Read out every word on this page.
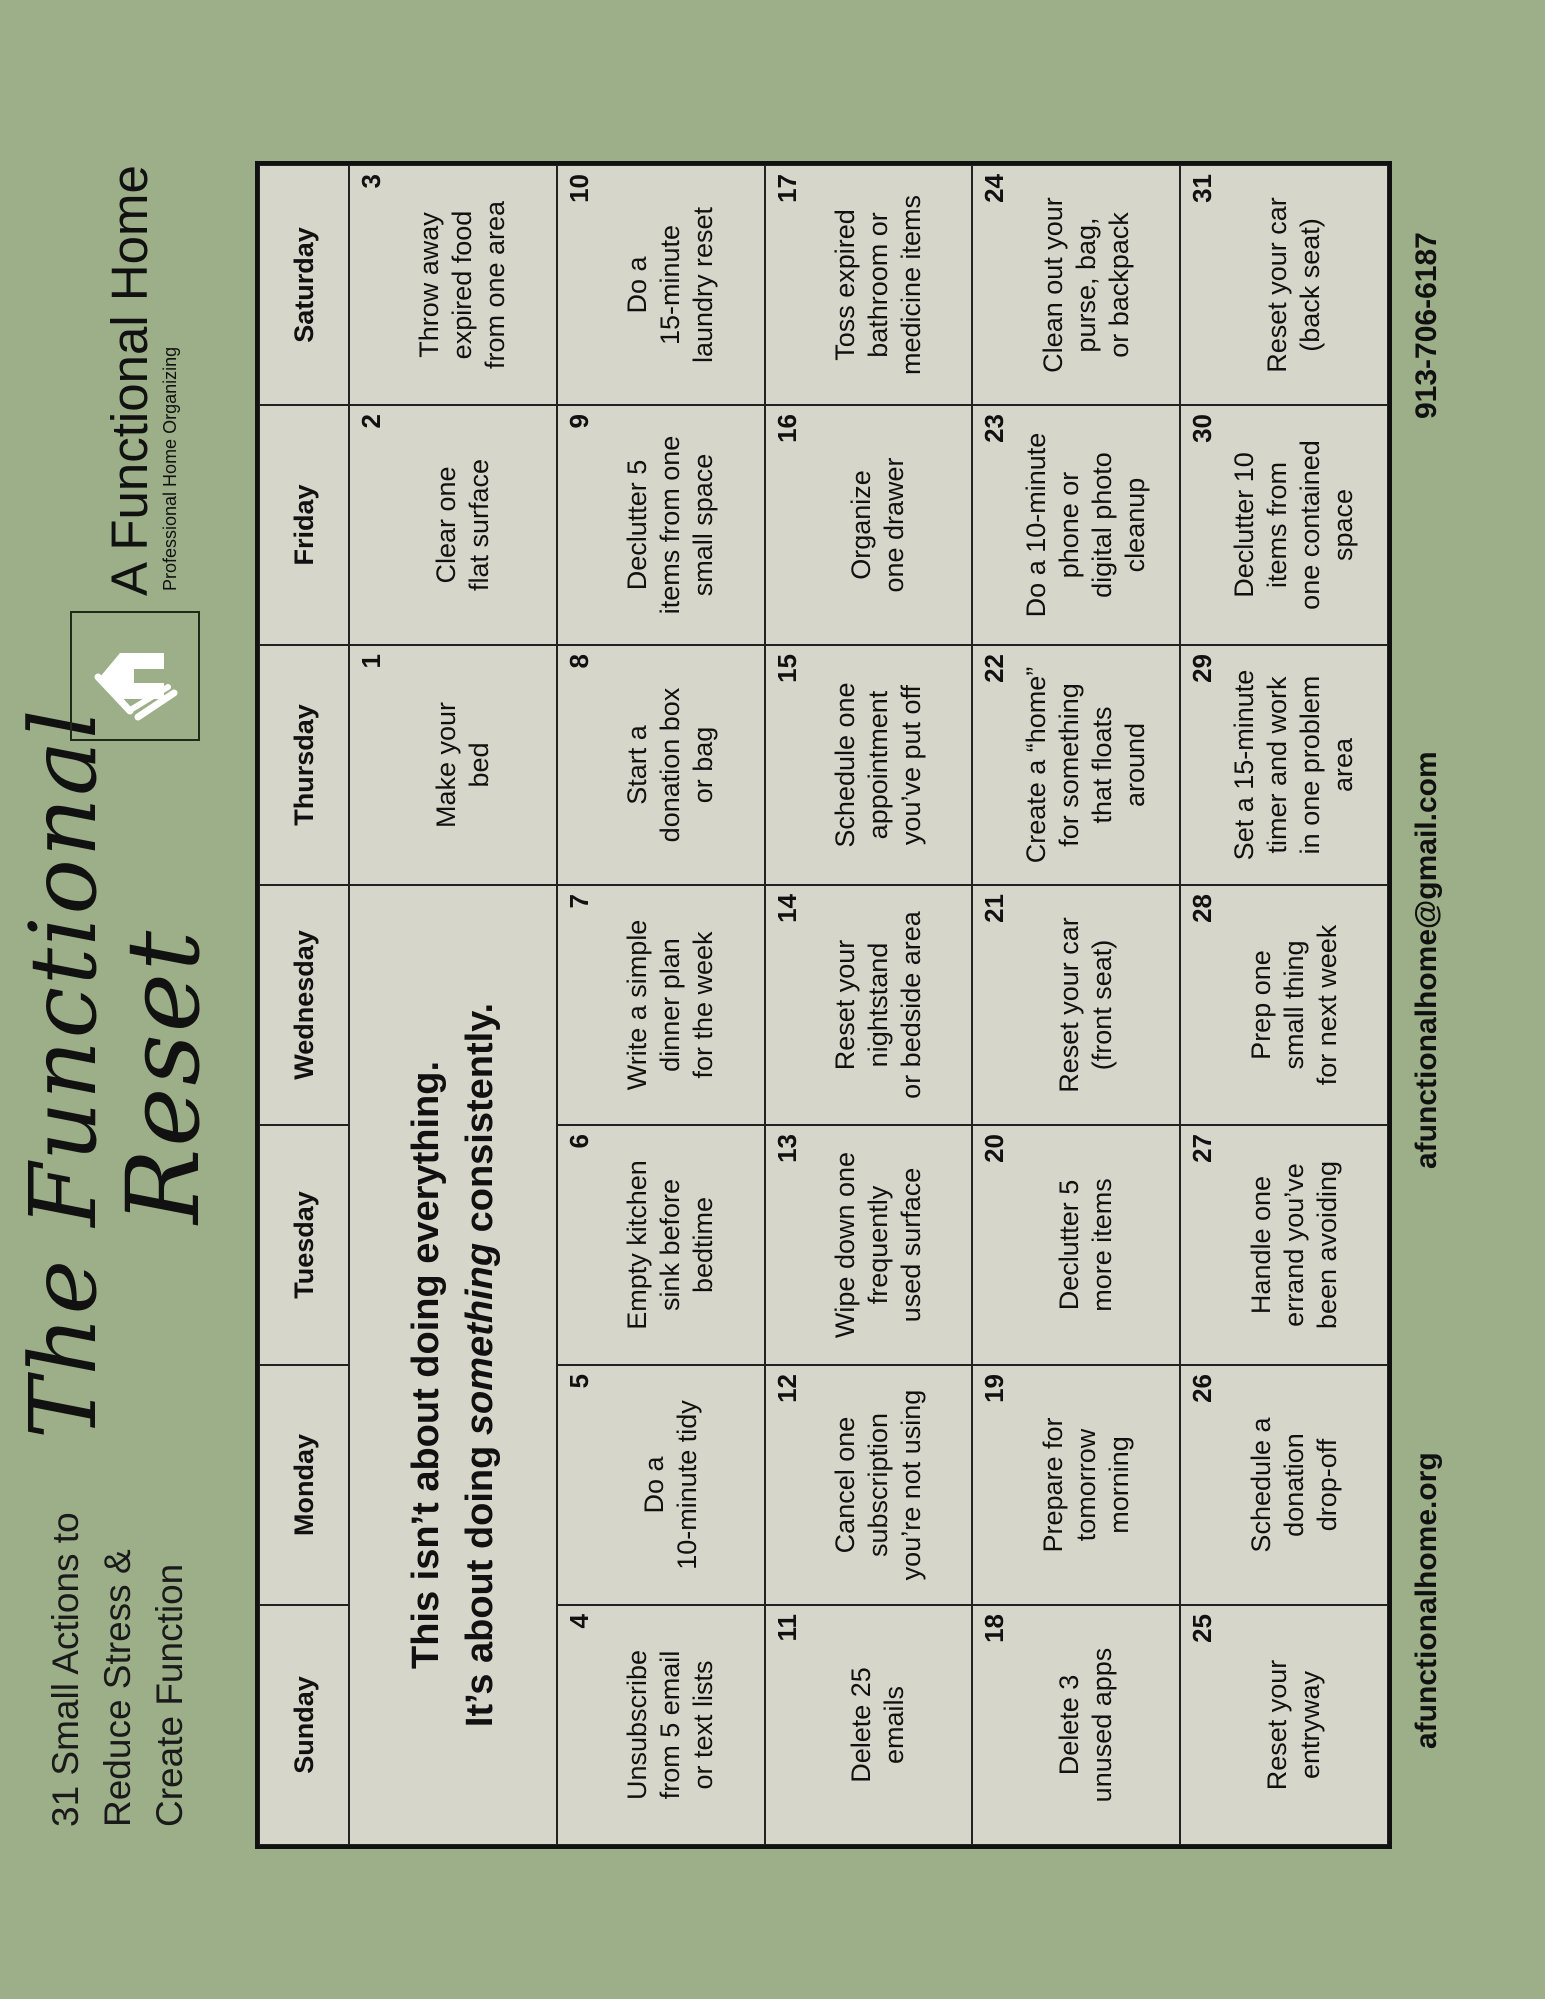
31 Small Actions to Reduce Stress & Create Function
The Functional
Reset
A Functional Home Professional Home Organizing
Sunday
Monday
Tuesday
Wednesday
Thursday
Friday
Saturday
This isn’t about doing everything. It’s about doing something consistently.
1
Make your
bed
2
Clear one
flat surface
3
Throw away
expired food
from one area
4
Unsubscribe
from 5 email
or text lists
5
Do a
10-minute tidy
6
Empty kitchen
sink before
bedtime
7
Write a simple
dinner plan
for the week
8
Start a
donation box
or bag
9
Declutter 5
items from one
small space
10
Do a
15-minute
laundry reset
11
Delete 25
emails
12
Cancel one
subscription
you’re not using
13
Wipe down one
frequently
used surface
14
Reset your
nightstand
or bedside area
15
Schedule one
appointment
you’ve put off
16
Organize
one drawer
17
Toss expired
bathroom or
medicine items
18
Delete 3
unused apps
19
Prepare for
tomorrow
morning
20
Declutter 5
more items
21
Reset your car
(front seat)
22
Create a “home”
for something
that floats
around
23
Do a 10-minute
phone or
digital photo
cleanup
24
Clean out your
purse, bag,
or backpack
25
Reset your
entryway
26
Schedule a
donation
drop-off
27
Handle one
errand you’ve
been avoiding
28
Prep one
small thing
for next week
29
Set a 15-minute
timer and work
in one problem
area
30
Declutter 10
items from
one contained
space
31
Reset your car
(back seat)
afunctionalhome.org
afunctionalhome@gmail.com
913-706-6187
